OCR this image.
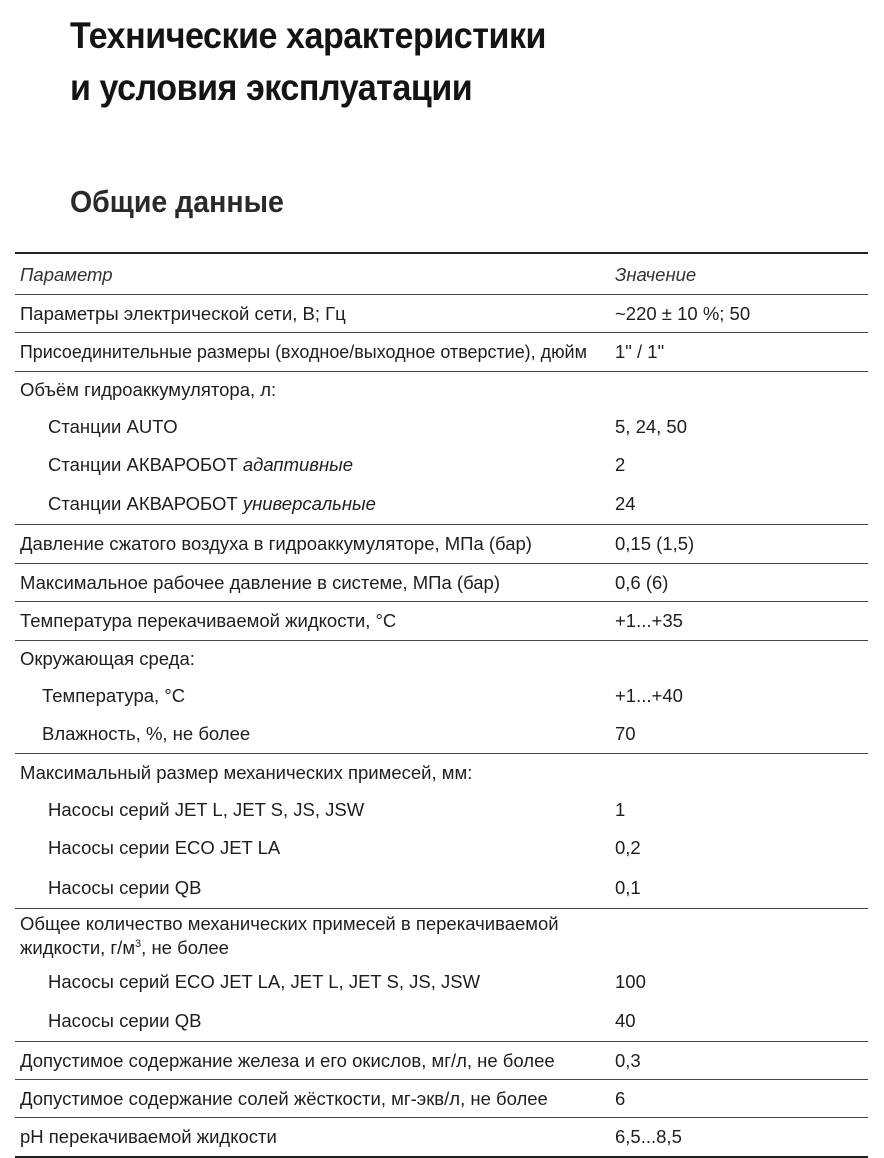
Технические характеристики
и условия эксплуатации
Общие данные
Параметр	Значение
Параметры электрической сети, В; Гц	~220 ± 10 %; 50
Присоединительные размеры (входное/выходное отверстие), дюйм	1" / 1"
Объём гидроаккумулятора, л:
Станции AUTO	5, 24, 50
Станции АКВАРОБОТ адаптивные	2
Станции АКВАРОБОТ универсальные	24
Давление сжатого воздуха в гидроаккумуляторе, МПа (бар)	0,15 (1,5)
Максимальное рабочее давление в системе, МПа (бар)	0,6 (6)
Температура перекачиваемой жидкости, °C	+1...+35
Окружающая среда:
Температура, °C	+1...+40
Влажность, %, не более	70
Максимальный размер механических примесей, мм:
Насосы серий JET L, JET S, JS, JSW	1
Насосы серии ECO JET LA	0,2
Насосы серии QB	0,1
Общее количество механических примесей в перекачиваемой жидкости, $г/м^3$, не более
Насосы серий ECO JET LA, JET L, JET S, JS, JSW	100
Насосы серии QB	40
Допустимое содержание железа и его окислов, мг/л, не более	0,3
Допустимое содержание солей жёсткости, мг-экв/л, не более	6
pH перекачиваемой жидкости	6,5...8,5
